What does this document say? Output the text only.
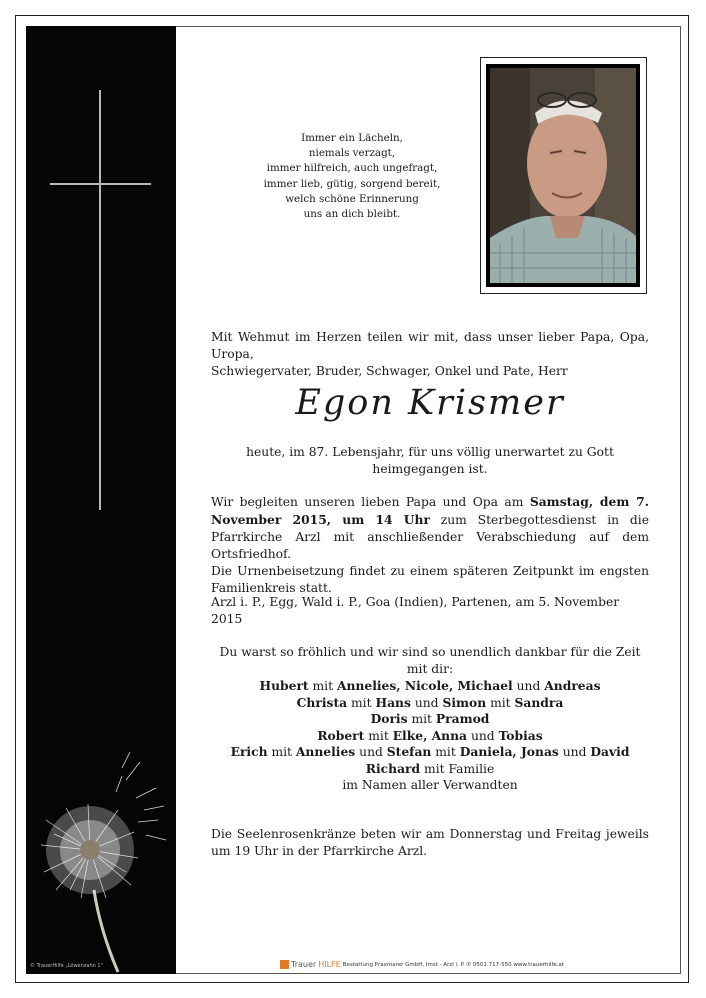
© TrauerHilfe „Löwenzahn 1“
Immer ein Lächeln,
niemals verzagt,
immer hilfreich, auch ungefragt,
immer lieb, gütig, sorgend bereit,
welch schöne Erinnerung
uns an dich bleibt.
Mit Wehmut im Herzen teilen wir mit, dass unser lieber Papa, Opa, Uropa,
Schwiegervater, Bruder, Schwager, Onkel und Pate, Herr
Egon Krismer
heute, im 87. Lebensjahr, für uns völlig unerwartet zu Gott heimgegangen ist.
Wir begleiten unseren lieben Papa und Opa am Samstag, dem 7. November 2015, um 14 Uhr zum Sterbegottesdienst in die Pfarrkirche Arzl mit anschließender Verabschiedung auf dem Ortsfriedhof.
Die Urnenbeisetzung findet zu einem späteren Zeitpunkt im engsten Familienkreis statt.
Arzl i. P., Egg, Wald i. P., Goa (Indien), Partenen, am 5. November 2015
Du warst so fröhlich und wir sind so unendlich dankbar für die Zeit mit dir:
Hubert mit Annelies, Nicole, Michael und Andreas
Christa mit Hans und Simon mit Sandra
Doris mit Pramod
Robert mit Elke, Anna und Tobias
Erich mit Annelies und Stefan mit Daniela, Jonas und David
Richard mit Familie
im Namen aller Verwandten
Die Seelenrosenkränze beten wir am Donnerstag und Freitag jeweils um 19 Uhr in der Pfarrkirche Arzl.
Trauer HILFE Bestattung Praxmarer GmbH, Imst - Arzl i. P. ✆ 0501 717-550 www.trauerhilfe.at
